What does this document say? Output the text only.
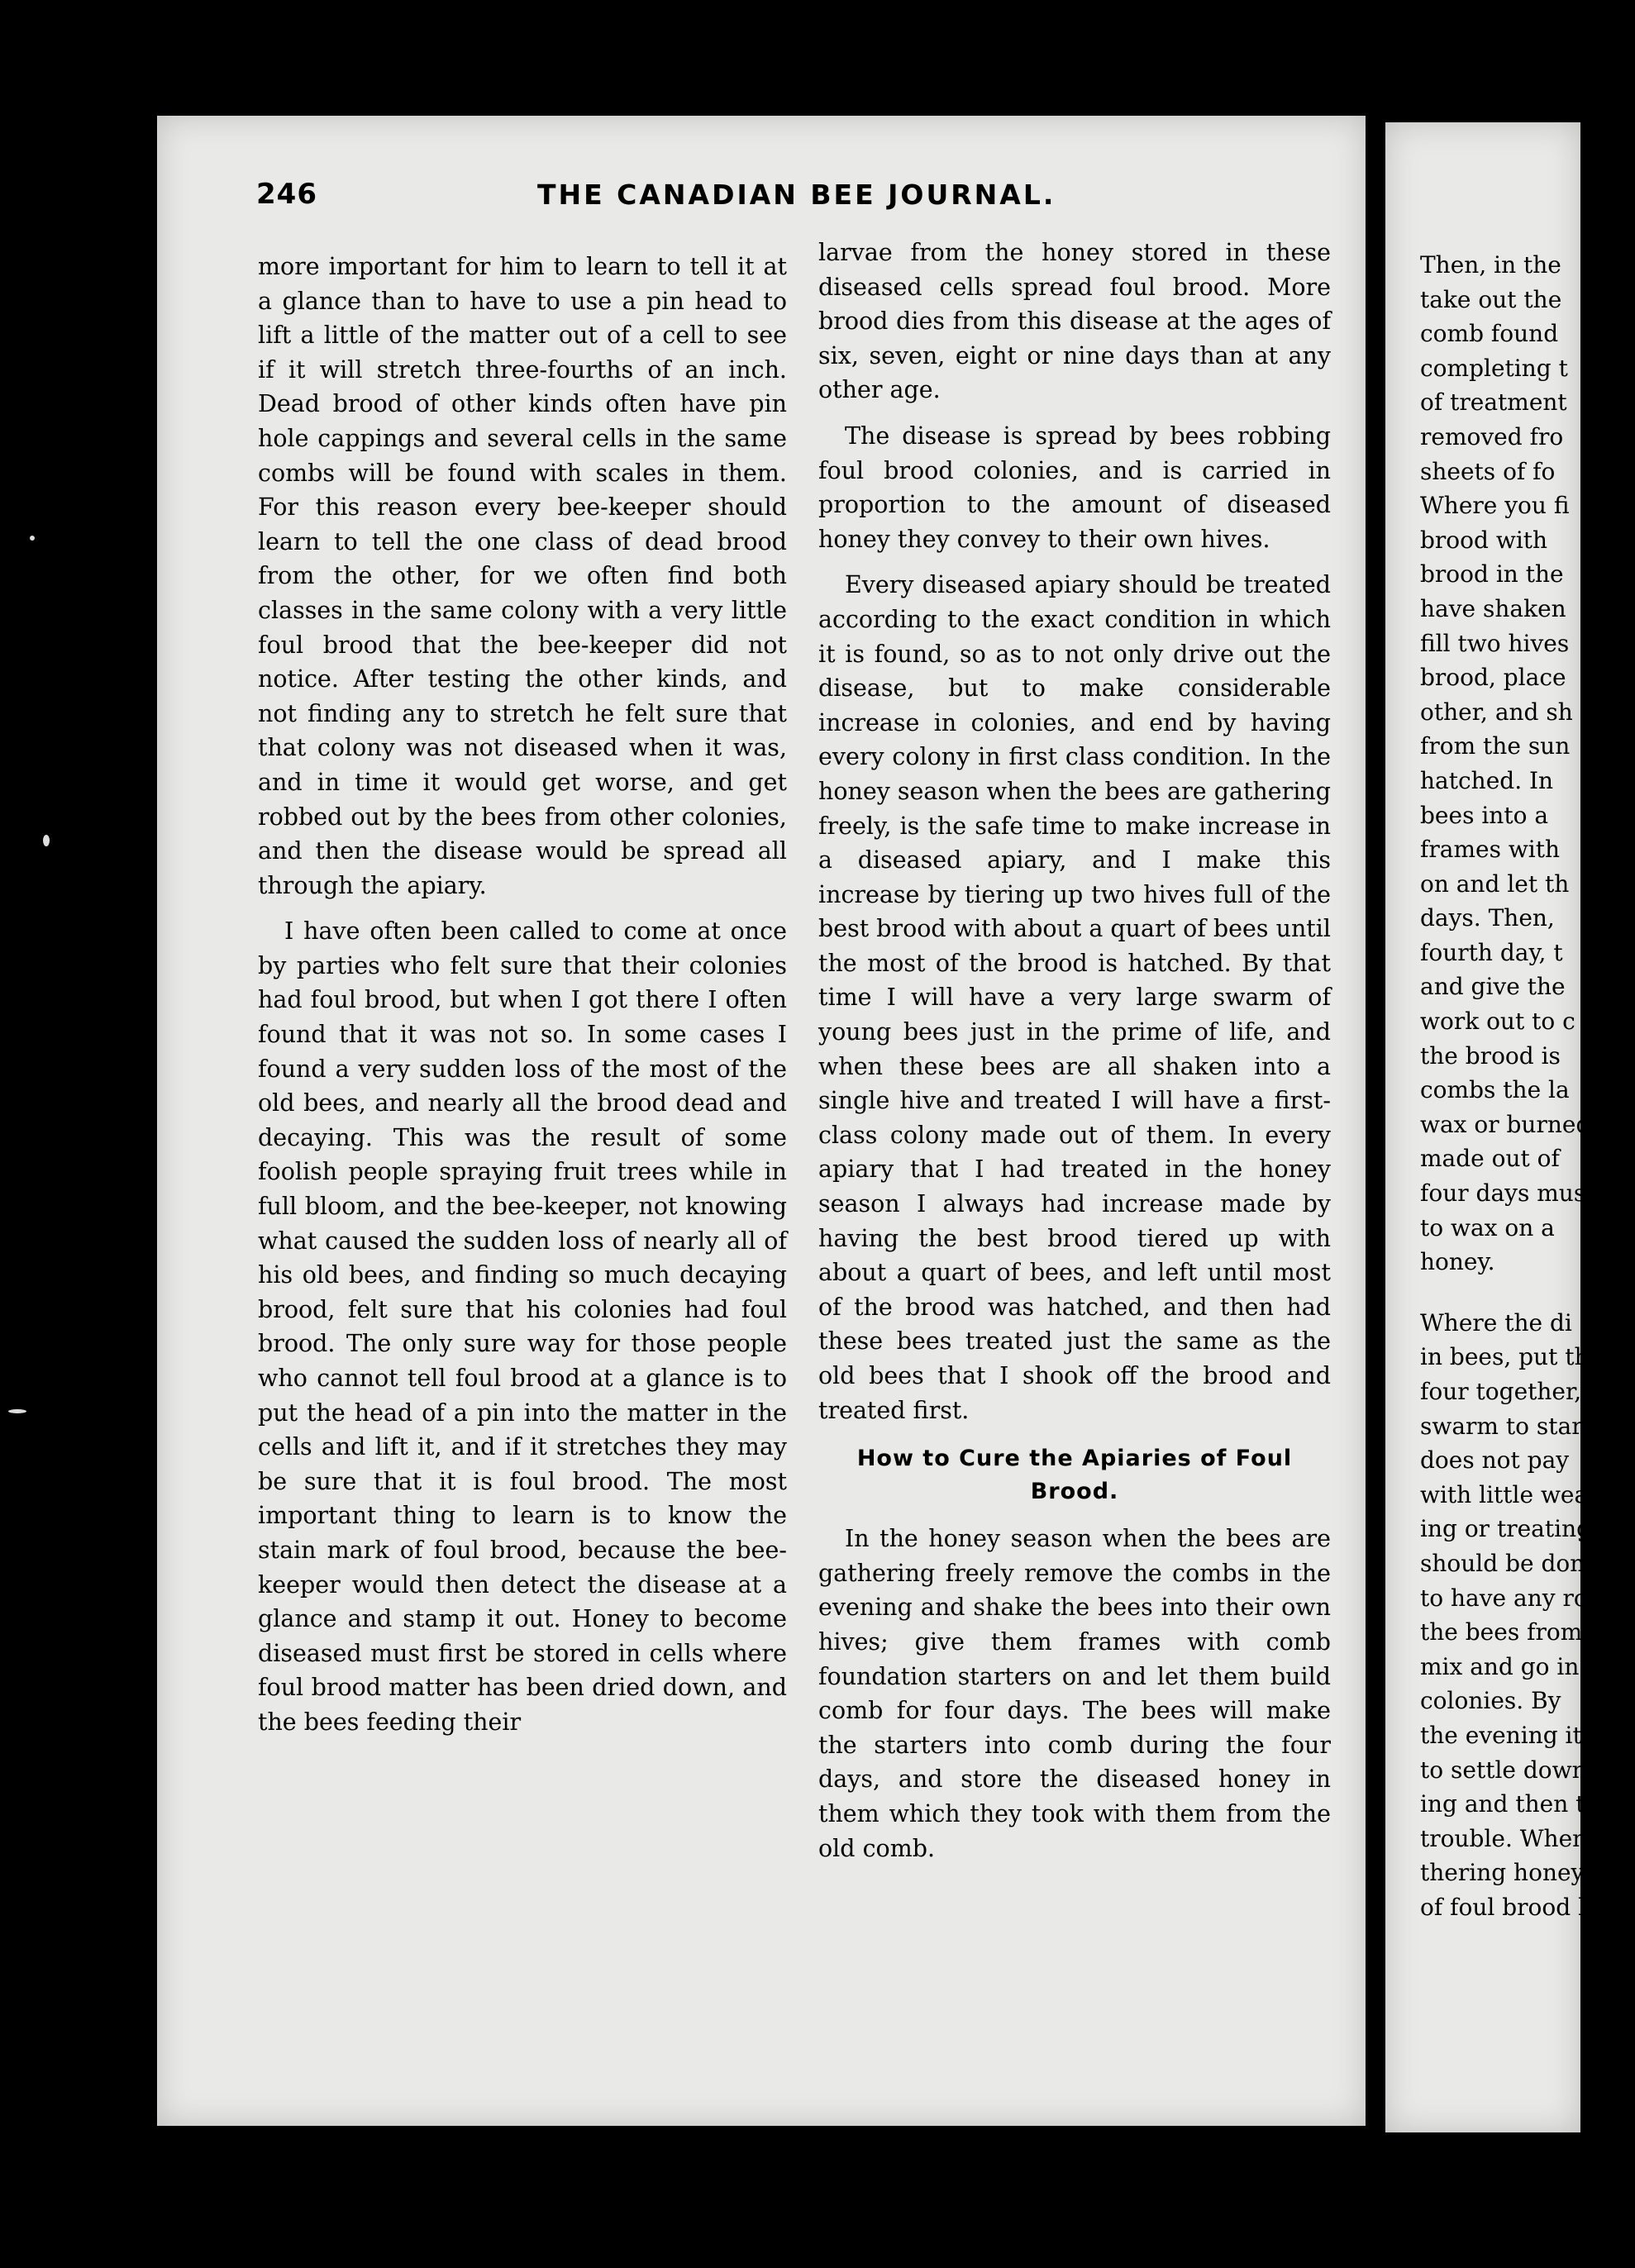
246	THE CANADIAN BEE JOURNAL.

more important for him to learn to tell it at a glance than to have to use a pin head to lift a little of the matter out of a cell to see if it will stretch three-fourths of an inch. Dead brood of other kinds often have pin hole cappings and several cells in the same combs will be found with scales in them. For this reason every bee-keeper should learn to tell the one class of dead brood from the other, for we often find both classes in the same colony with a very little foul brood that the bee-keeper did not notice. After testing the other kinds, and not finding any to stretch he felt sure that that colony was not diseased when it was, and in time it would get worse, and get robbed out by the bees from other colonies, and then the disease would be spread all through the apiary.

I have often been called to come at once by parties who felt sure that their colonies had foul brood, but when I got there I often found that it was not so. In some cases I found a very sudden loss of the most of the old bees, and nearly all the brood dead and decaying. This was the result of some foolish people spraying fruit trees while in full bloom, and the bee-keeper, not knowing what caused the sudden loss of nearly all of his old bees, and finding so much decaying brood, felt sure that his colonies had foul brood. The only sure way for those people who cannot tell foul brood at a glance is to put the head of a pin into the matter in the cells and lift it, and if it stretches they may be sure that it is foul brood. The most important thing to learn is to know the stain mark of foul brood, because the bee-keeper would then detect the disease at a glance and stamp it out. Honey to become diseased must first be stored in cells where foul brood matter has been dried down, and the bees feeding their

larvae from the honey stored in these diseased cells spread foul brood. More brood dies from this disease at the ages of six, seven, eight or nine days than at any other age.

The disease is spread by bees robbing foul brood colonies, and is carried in proportion to the amount of diseased honey they convey to their own hives.

Every diseased apiary should be treated according to the exact condition in which it is found, so as to not only drive out the disease, but to make considerable increase in colonies, and end by having every colony in first class condition. In the honey season when the bees are gathering freely, is the safe time to make increase in a diseased apiary, and I make this increase by tiering up two hives full of the best brood with about a quart of bees until the most of the brood is hatched. By that time I will have a very large swarm of young bees just in the prime of life, and when these bees are all shaken into a single hive and treated I will have a first-class colony made out of them. In every apiary that I had treated in the honey season I always had increase made by having the best brood tiered up with about a quart of bees, and left until most of the brood was hatched, and then had these bees treated just the same as the old bees that I shook off the brood and treated first.

How to Cure the Apiaries of Foul Brood.

In the honey season when the bees are gathering freely remove the combs in the evening and shake the bees into their own hives; give them frames with comb foundation starters on and let them build comb for four days. The bees will make the starters into comb during the four days, and store the diseased honey in them which they took with them from the old comb.

Then, in the
take out the
comb found
completing t
of treatment
removed fro
sheets of fo
Where you fi
brood with
brood in the
have shaken
fill two hives
brood, place
other, and sh
from the sun
hatched. In
bees into a
frames with
on and let th
days. Then,
fourth day, t
and give the
work out to c
the brood is
combs the la
wax or burned
made out of
four days mus
to wax on a
honey.
Where the di
in bees, put th
four together, s
swarm to star
does not pay
with little wea
ing or treating
should be done
to have any ro
the bees from
mix and go in
colonies. By
the evening it g
to settle down v
ing and then th
trouble. When
thering honey a
of foul brood by
